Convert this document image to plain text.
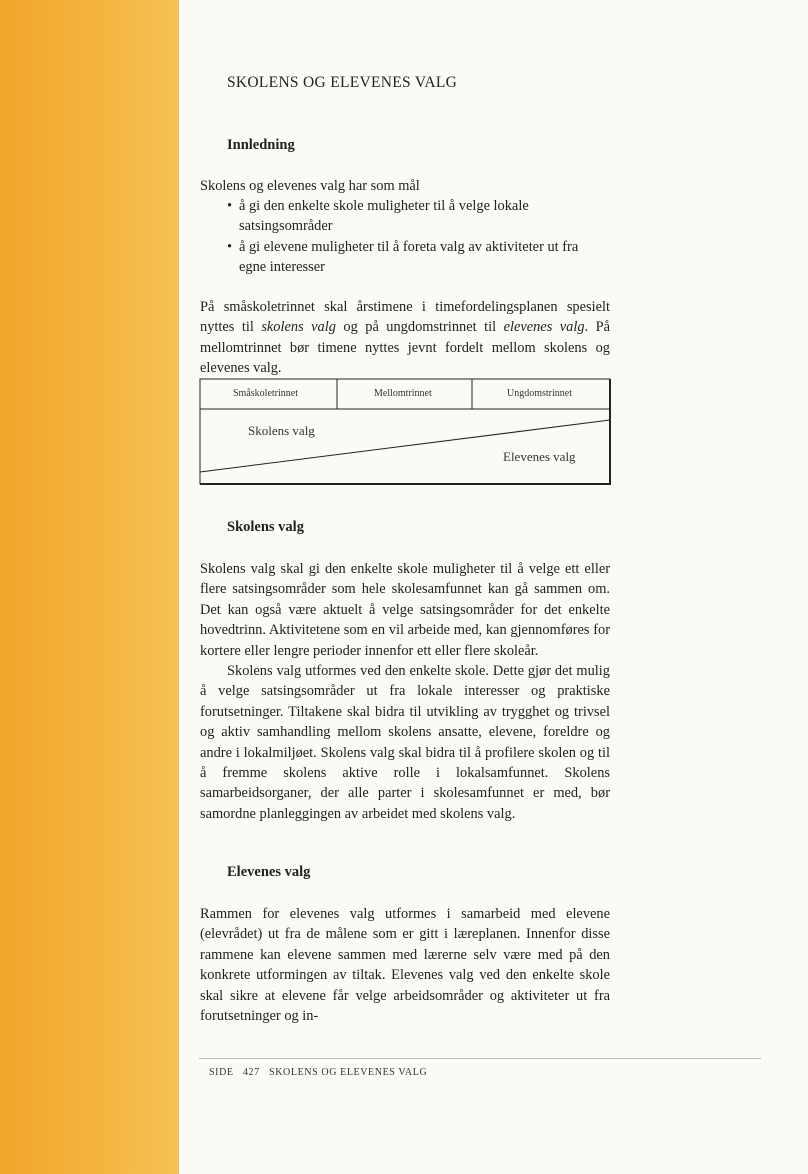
SKOLENS OG ELEVENES VALG
Innledning

Skolens og elevenes valg har som mål

• å gi den enkelte skole muligheter til å velge lokale satsingsområder
• å gi elevene muligheter til å foreta valg av aktiviteter ut fra egne interesser

På småskoletrinnet skal årstimene i timefordelingsplanen spesielt nyttes til skolens valg og på ungdomstrinnet til elevenes valg. På mellomtrinnet bør timene nyttes jevnt fordelt mellom skolens og elevenes valg.

Småskoletrinnet	Mellomtrinnet	Ungdomstrinnet
Skolens valg
Elevenes valg
Skolens valg

Skolens valg skal gi den enkelte skole muligheter til å velge ett eller flere satsingsområder som hele skolesamfunnet kan gå sammen om. Det kan også være aktuelt å velge satsingsområder for det enkelte hovedtrinn. Aktivitetene som en vil arbeide med, kan gjennomføres for kortere eller lengre perioder innenfor ett eller flere skoleår.

Skolens valg utformes ved den enkelte skole. Dette gjør det mulig å velge satsingsområder ut fra lokale interesser og praktiske forutsetninger. Tiltakene skal bidra til utvikling av trygghet og trivsel og aktiv samhandling mellom skolens ansatte, elevene, foreldre og andre i lokalmiljøet. Skolens valg skal bidra til å profilere skolen og til å fremme skolens aktive rolle i lokalsamfunnet. Skolens samarbeidsorganer, der alle parter i skolesamfunnet er med, bør samordne planleggingen av arbeidet med skolens valg.

Elevenes valg

Rammen for elevenes valg utformes i samarbeid med elevene (elevrådet) ut fra de målene som er gitt i læreplanen. Innenfor disse rammene kan elevene sammen med lærerne selv være med på den konkrete utformingen av tiltak. Elevenes valg ved den enkelte skole skal sikre at elevene får velge arbeidsområder og aktiviteter ut fra forutsetninger og in-

SIDE 427 SKOLENS OG ELEVENES VALG
